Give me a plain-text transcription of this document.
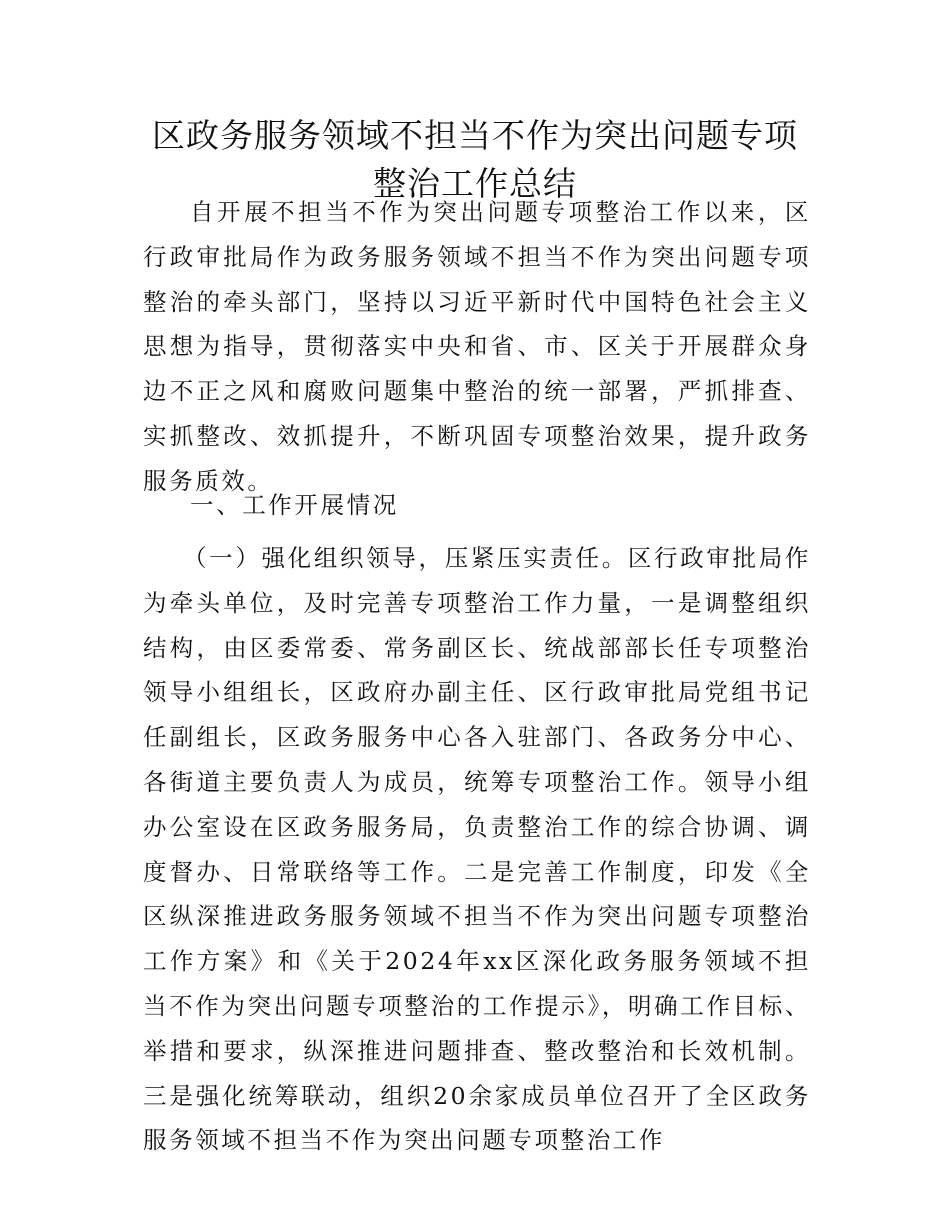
区政务服务领域不担当不作为突出问题专项整治工作总结

自开展不担当不作为突出问题专项整治工作以来，区行政审批局作为政务服务领域不担当不作为突出问题专项整治的牵头部门，坚持以习近平新时代中国特色社会主义思想为指导，贯彻落实中央和省、市、区关于开展群众身边不正之风和腐败问题集中整治的统一部署，严抓排查、实抓整改、效抓提升，不断巩固专项整治效果，提升政务服务质效。

一、工作开展情况

（一）强化组织领导，压紧压实责任。区行政审批局作为牵头单位，及时完善专项整治工作力量，一是调整组织结构，由区委常委、常务副区长、统战部部长任专项整治领导小组组长，区政府办副主任、区行政审批局党组书记任副组长，区政务服务中心各入驻部门、各政务分中心、各街道主要负责人为成员，统筹专项整治工作。领导小组办公室设在区政务服务局，负责整治工作的综合协调、调度督办、日常联络等工作。二是完善工作制度，印发《全区纵深推进政务服务领域不担当不作为突出问题专项整治工作方案》和《关于2024年xx区深化政务服务领域不担当不作为突出问题专项整治的工作提示》，明确工作目标、举措和要求，纵深推进问题排查、整改整治和长效机制。三是强化统筹联动，组织20余家成员单位召开了全区政务服务领域不担当不作为突出问题专项整治工作
